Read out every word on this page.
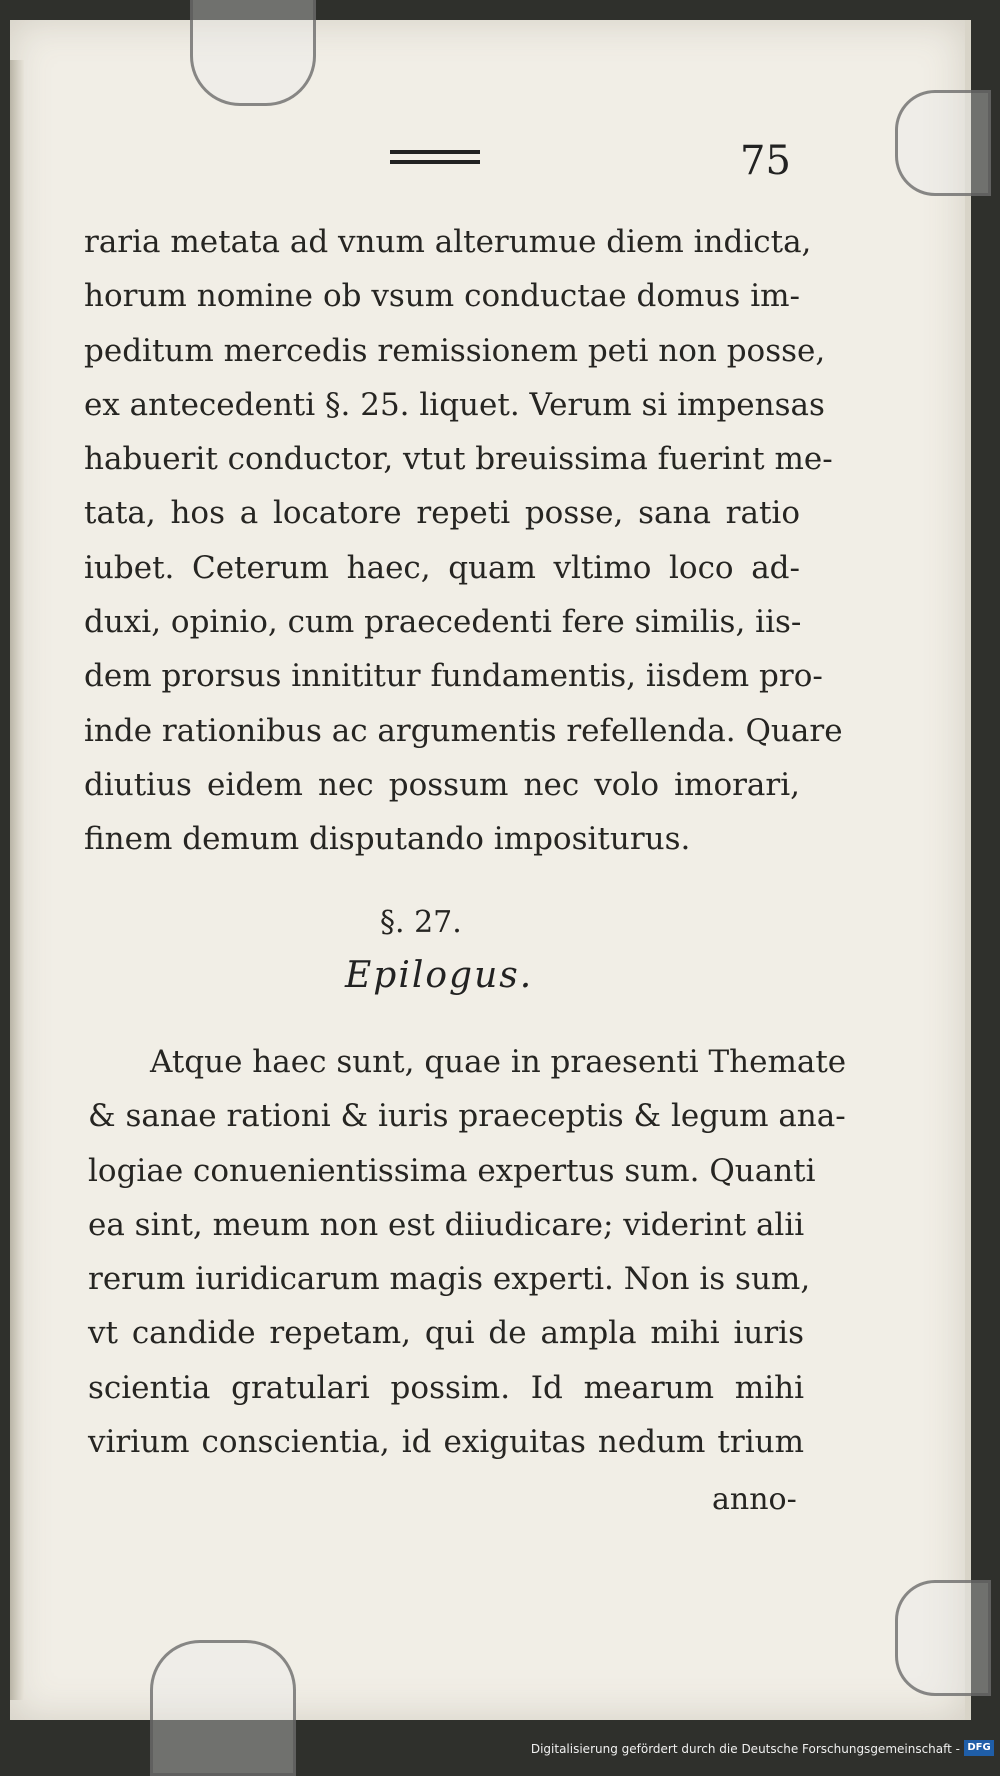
75
raria metata ad vnum alterumue diem indicta,
horum nomine ob vsum conductae domus im-
peditum mercedis remissionem peti non posse,
ex antecedenti §. 25. liquet. Verum si impensas
habuerit conductor, vtut breuissima fuerint me-
tata, hos a locatore repeti posse, sana ratio
iubet. Ceterum haec, quam vltimo loco ad-
duxi, opinio, cum praecedenti fere similis, iis-
dem prorsus innititur fundamentis, iisdem pro-
inde rationibus ac argumentis refellenda. Quare
diutius eidem nec possum nec volo imorari,
finem demum disputando impositurus.
§. 27.
Epilogus.
Atque haec sunt, quae in praesenti Themate
& sanae rationi & iuris praeceptis & legum ana-
logiae conuenientissima expertus sum. Quanti
ea sint, meum non est diiudicare; viderint alii
rerum iuridicarum magis experti. Non is sum,
vt candide repetam, qui de ampla mihi iuris
scientia gratulari possim. Id mearum mihi
virium conscientia, id exiguitas nedum trium
anno-
Digitalisierung gefördert durch die Deutsche Forschungsgemeinschaft - DFG
